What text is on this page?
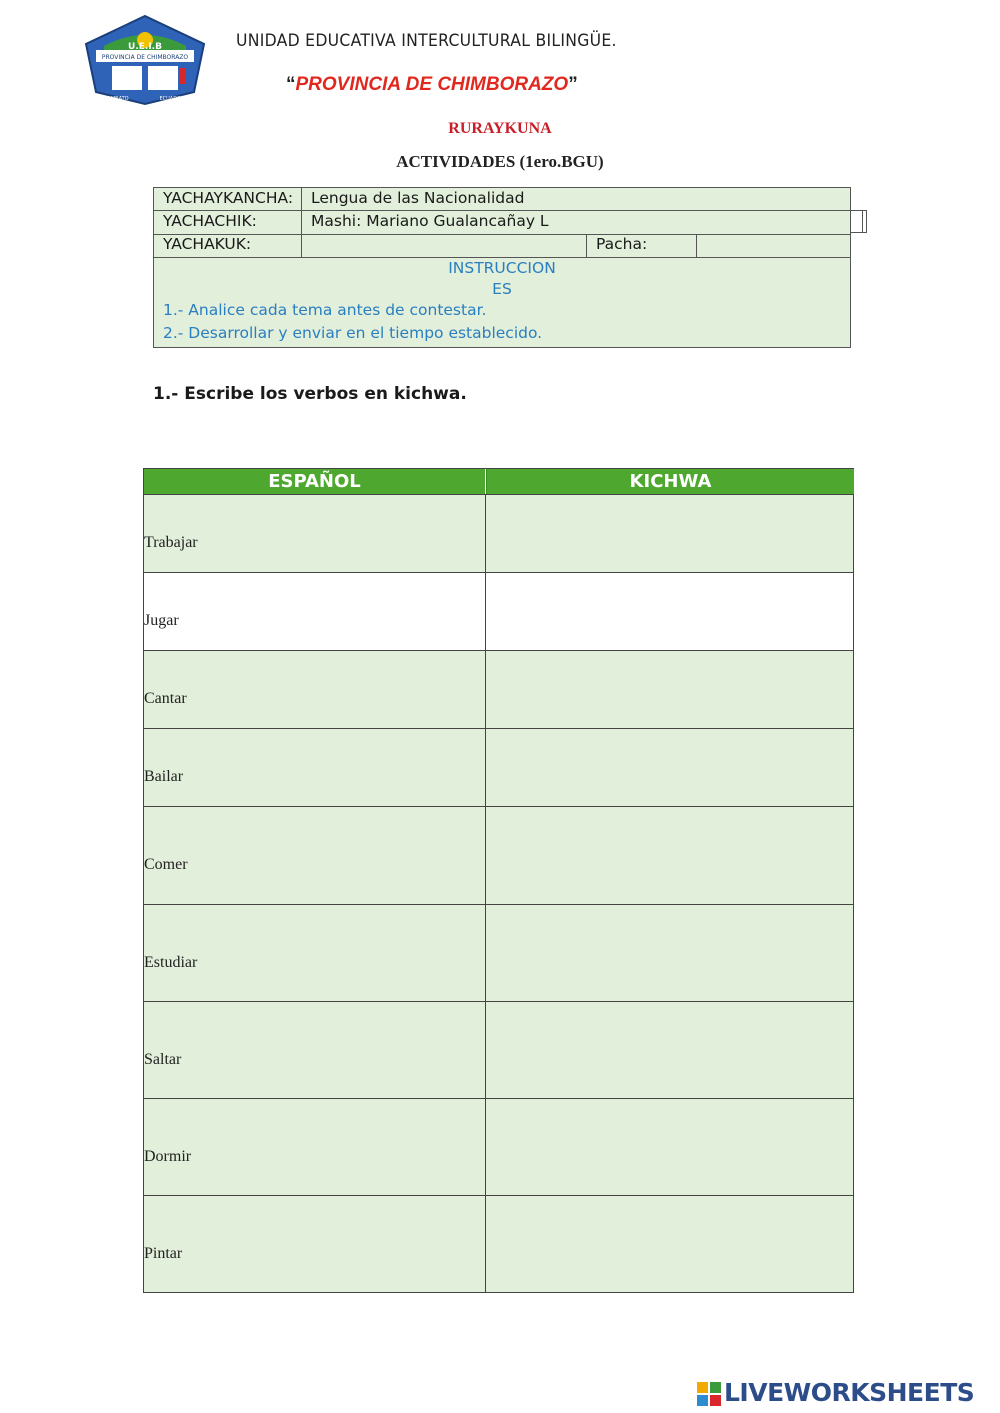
U.E.I.B
PROVINCIA DE CHIMBORAZO
AMBATO	ECUADOR
UNIDAD EDUCATIVA INTERCULTURAL BILINGÜE.
“PROVINCIA DE CHIMBORAZO”
RURAYKUNA
ACTIVIDADES (1ero.BGU)
YACHAYKANCHA: Lengua de las Nacionalidad
YACHACHIK:	Mashi: Mariano Gualancañay L
YACHAKUK:	Pacha:
INSTRUCCION
ES
1.- Analice cada tema antes de contestar.
2.- Desarrollar y enviar en el tiempo establecido.
1.- Escribe los verbos en kichwa.
ESPAÑOL	KICHWA
Trabajar
Jugar
Cantar
Bailar
Comer
Estudiar
Saltar
Dormir
Pintar
LIVEWORKSHEETS
